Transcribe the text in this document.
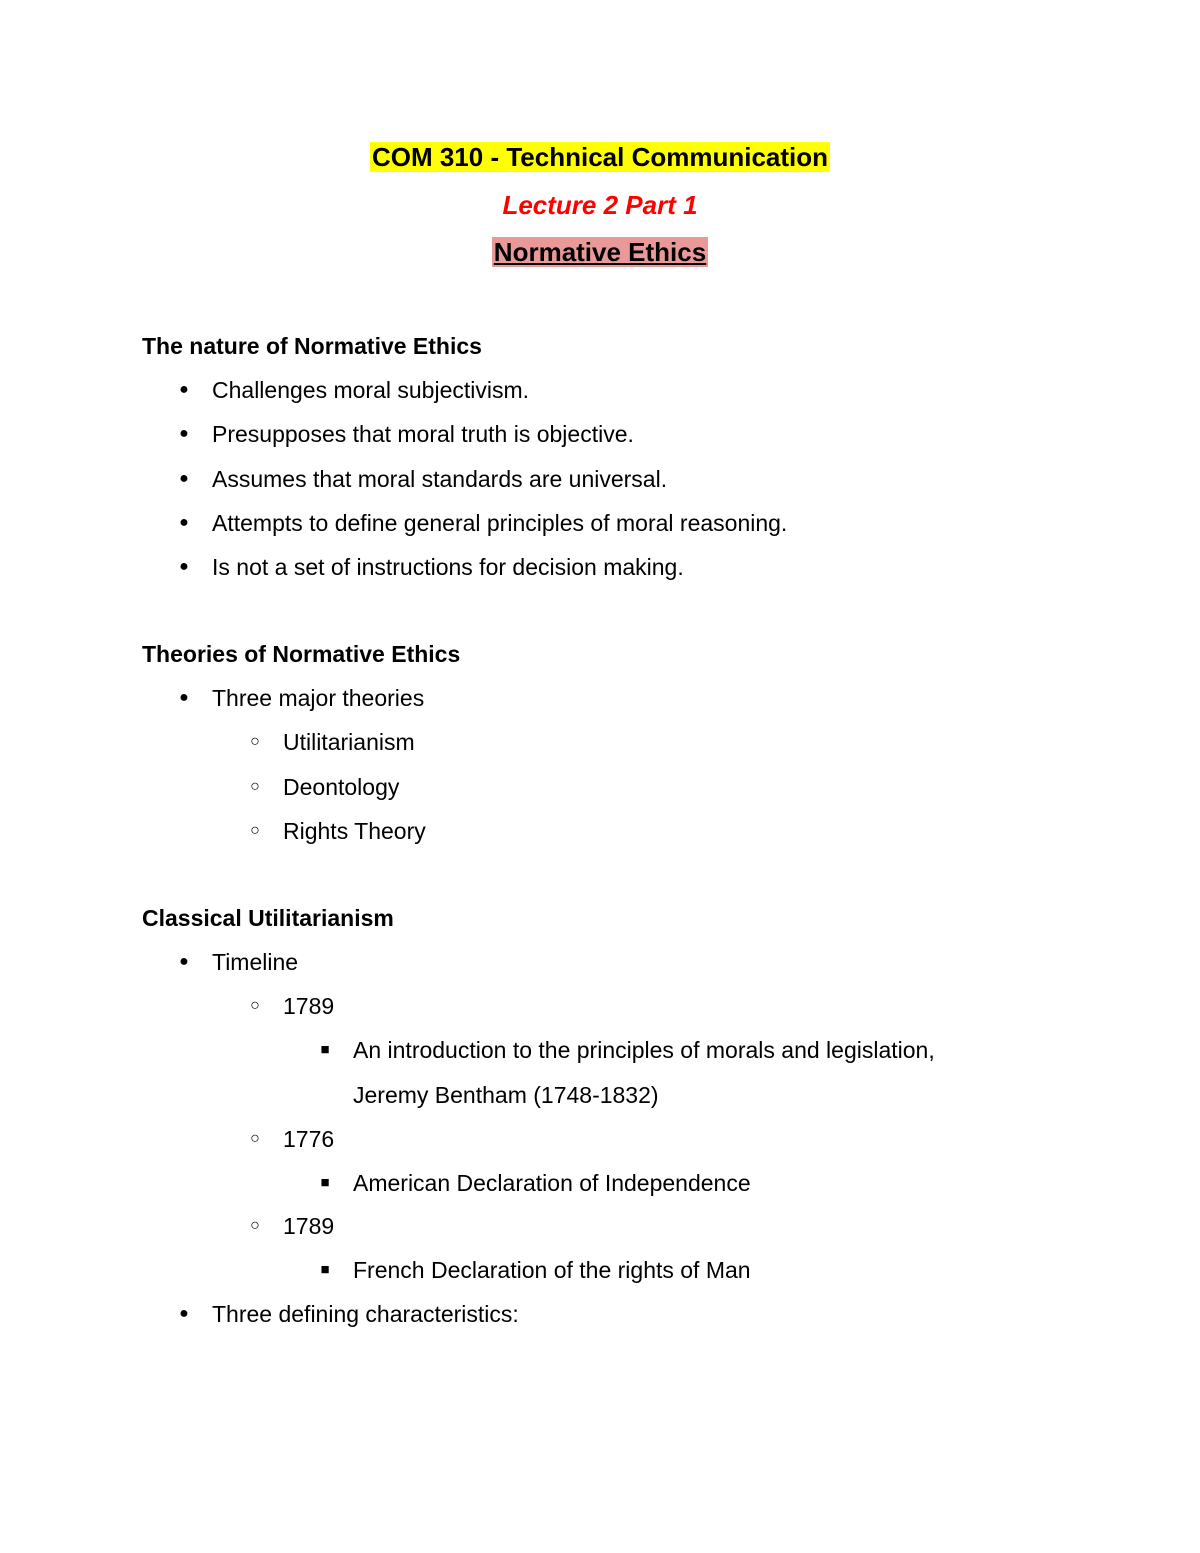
COM 310 - Technical Communication
Lecture 2 Part 1
Normative Ethics
The nature of Normative Ethics
● Challenges moral subjectivism.
● Presupposes that moral truth is objective.
● Assumes that moral standards are universal.
● Attempts to define general principles of moral reasoning.
● Is not a set of instructions for decision making.
Theories of Normative Ethics
● Three major theories
○ Utilitarianism
○ Deontology
○ Rights Theory
Classical Utilitarianism
● Timeline
○ 1789
■ An introduction to the principles of morals and legislation,
Jeremy Bentham (1748-1832)
○ 1776
■ American Declaration of Independence
○ 1789
■ French Declaration of the rights of Man
● Three defining characteristics:
